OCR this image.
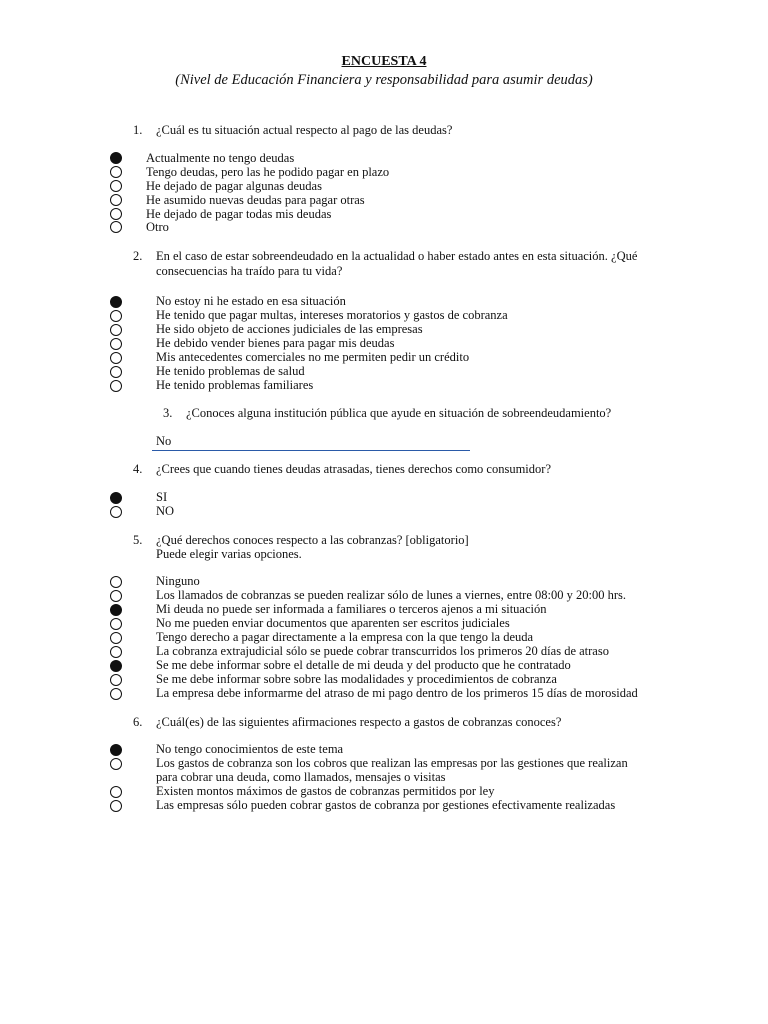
ENCUESTA 4
(Nivel de Educación Financiera y responsabilidad para asumir deudas)
1. ¿Cuál es tu situación actual respecto al pago de las deudas?
Actualmente no tengo deudas
Tengo deudas, pero las he podido pagar en plazo
He dejado de pagar algunas deudas
He asumido nuevas deudas para pagar otras
He dejado de pagar todas mis deudas
Otro
2. En el caso de estar sobreendeudado en la actualidad o haber estado antes en esta situación. ¿Qué
consecuencias ha traído para tu vida?
No estoy ni he estado en esa situación
He tenido que pagar multas, intereses moratorios y gastos de cobranza
He sido objeto de acciones judiciales de las empresas
He debido vender bienes para pagar mis deudas
Mis antecedentes comerciales no me permiten pedir un crédito
He tenido problemas de salud
He tenido problemas familiares
3. ¿Conoces alguna institución pública que ayude en situación de sobreendeudamiento?
No
4. ¿Crees que cuando tienes deudas atrasadas, tienes derechos como consumidor?
SI
NO
5. ¿Qué derechos conoces respecto a las cobranzas? [obligatorio]
Puede elegir varias opciones.
Ninguno
Los llamados de cobranzas se pueden realizar sólo de lunes a viernes, entre 08:00 y 20:00 hrs.
Mi deuda no puede ser informada a familiares o terceros ajenos a mi situación
No me pueden enviar documentos que aparenten ser escritos judiciales
Tengo derecho a pagar directamente a la empresa con la que tengo la deuda
La cobranza extrajudicial sólo se puede cobrar transcurridos los primeros 20 días de atraso
Se me debe informar sobre el detalle de mi deuda y del producto que he contratado
Se me debe informar sobre sobre las modalidades y procedimientos de cobranza
La empresa debe informarme del atraso de mi pago dentro de los primeros 15 días de morosidad
6. ¿Cuál(es) de las siguientes afirmaciones respecto a gastos de cobranzas conoces?
No tengo conocimientos de este tema
Los gastos de cobranza son los cobros que realizan las empresas por las gestiones que realizan
para cobrar una deuda, como llamados, mensajes o visitas
Existen montos máximos de gastos de cobranzas permitidos por ley
Las empresas sólo pueden cobrar gastos de cobranza por gestiones efectivamente realizadas
